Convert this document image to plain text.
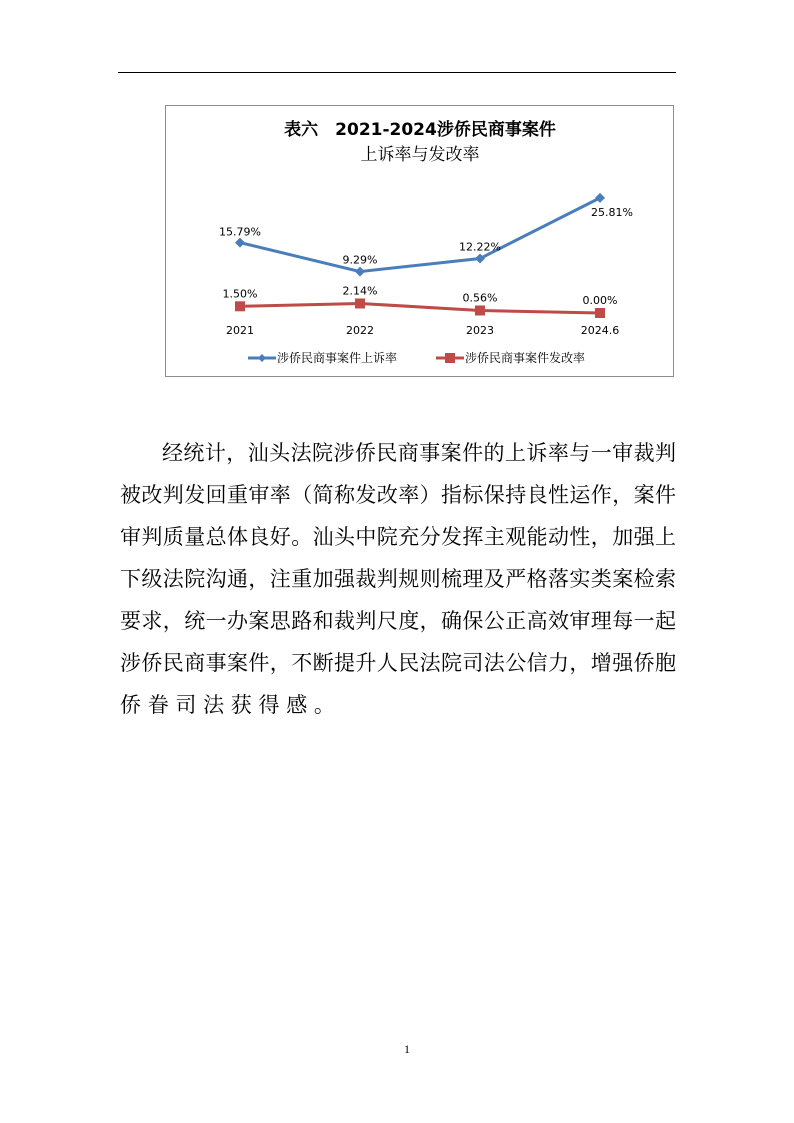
表六　2021-2024涉侨民商事案件
上诉率与发改率
2021	2022	2023	2024.6
15.79%
9.29%
12.22%
25.81%
1.50%	2.14%
0.56%	0.00%
涉侨民商事案件上诉率	涉侨民商事案件发改率
经统计，汕头法院涉侨民商事案件的上诉率与一审裁判
被改判发回重审率（简称发改率）指标保持良性运作，案件
审判质量总体良好。汕头中院充分发挥主观能动性，加强上
下级法院沟通，注重加强裁判规则梳理及严格落实类案检索
要求，统一办案思路和裁判尺度，确保公正高效审理每一起
涉侨民商事案件，不断提升人民法院司法公信力，增强侨胞
侨眷司法获得感。
1
